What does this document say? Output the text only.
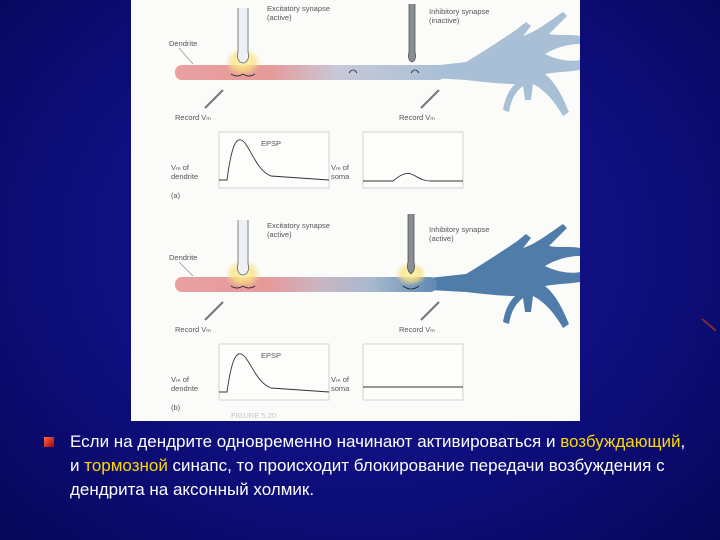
Excitatory synapse
(active)
Inhibitory synapse
(inactive)
Dendrite
Record Vₘ	Record Vₘ
EPSP
Vₘ of
dendrite
Vₘ of
soma
(a)
Excitatory synapse
(active)
Inhibitory synapse
(active)
Dendrite
Record Vₘ	Record Vₘ
EPSP
Vₘ of
dendrite
Vₘ of
soma
(b)
FIGURE 5.20
Если на дендрите одновременно начинают активироваться и возбуждающий, и тормозной синапс, то происходит блокирование передачи возбуждения с дендрита на аксонный холмик.
